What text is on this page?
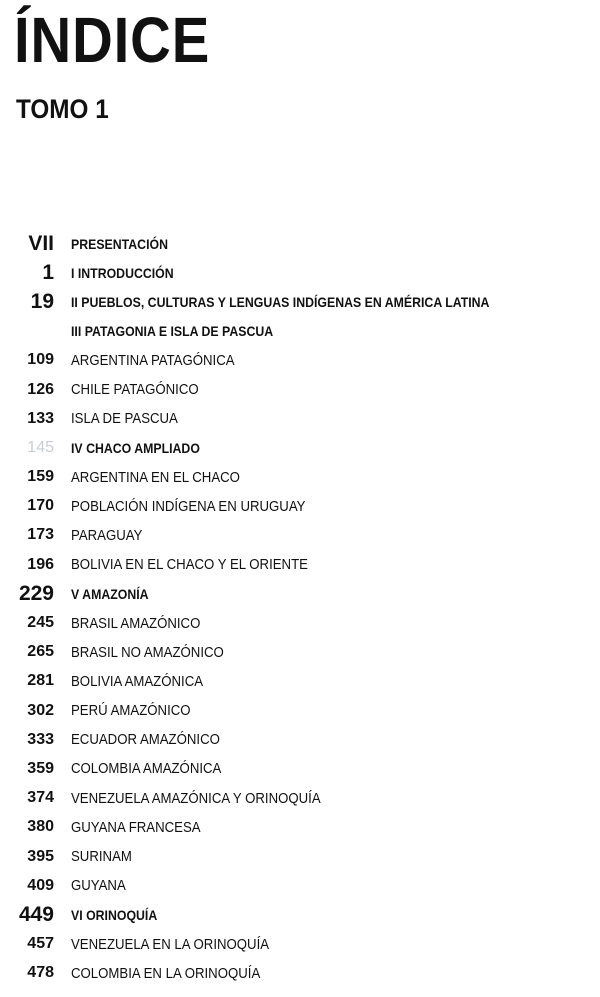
ÍNDICE
TOMO 1
VII	PRESENTACIÓN
1	I INTRODUCCIÓN
19	II PUEBLOS, CULTURAS Y LENGUAS INDÍGENAS EN AMÉRICA LATINA
III PATAGONIA E ISLA DE PASCUA
109	ARGENTINA PATAGÓNICA
126	CHILE PATAGÓNICO
133	ISLA DE PASCUA
145	IV CHACO AMPLIADO
159	ARGENTINA EN EL CHACO
170	POBLACIÓN INDÍGENA EN URUGUAY
173	PARAGUAY
196	BOLIVIA EN EL CHACO Y EL ORIENTE
229	V AMAZONÍA
245	BRASIL AMAZÓNICO
265	BRASIL NO AMAZÓNICO
281	BOLIVIA AMAZÓNICA
302	PERÚ AMAZÓNICO
333	ECUADOR AMAZÓNICO
359	COLOMBIA AMAZÓNICA
374	VENEZUELA AMAZÓNICA Y ORINOQUÍA
380	GUYANA FRANCESA
395	SURINAM
409	GUYANA
449	VI ORINOQUÍA
457	VENEZUELA EN LA ORINOQUÍA
478	COLOMBIA EN LA ORINOQUÍA
